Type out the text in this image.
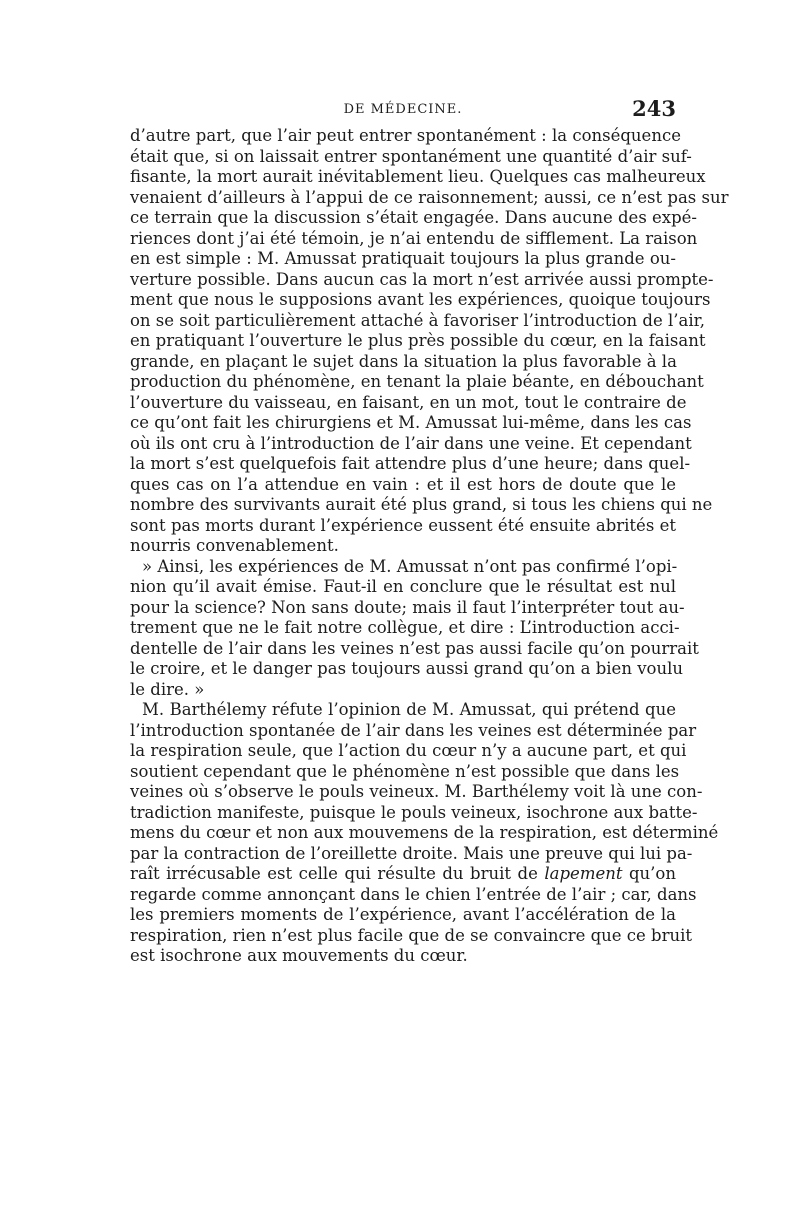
DE MÉDECINE.	243
d’autre part, que l’air peut entrer spontanément : la conséquence
était que, si on laissait entrer spontanément une quantité d’air suf-
fisante, la mort aurait inévitablement lieu. Quelques cas malheureux
venaient d’ailleurs à l’appui de ce raisonnement; aussi, ce n’est pas sur
ce terrain que la discussion s’était engagée. Dans aucune des expé-
riences dont j’ai été témoin, je n’ai entendu de sifflement. La raison
en est simple : M. Amussat pratiquait toujours la plus grande ou-
verture possible. Dans aucun cas la mort n’est arrivée aussi prompte-
ment que nous le supposions avant les expériences, quoique toujours
on se soit particulièrement attaché à favoriser l’introduction de l’air,
en pratiquant l’ouverture le plus près possible du cœur, en la faisant
grande, en plaçant le sujet dans la situation la plus favorable à la
production du phénomène, en tenant la plaie béante, en débouchant
l’ouverture du vaisseau, en faisant, en un mot, tout le contraire de
ce qu’ont fait les chirurgiens et M. Amussat lui-même, dans les cas
où ils ont cru à l’introduction de l’air dans une veine. Et cependant
la mort s’est quelquefois fait attendre plus d’une heure; dans quel-
ques cas on l’a attendue en vain : et il est hors de doute que le
nombre des survivants aurait été plus grand, si tous les chiens qui ne
sont pas morts durant l’expérience eussent été ensuite abrités et
nourris convenablement.
» Ainsi, les expériences de M. Amussat n’ont pas confirmé l’opi-
nion qu’il avait émise. Faut-il en conclure que le résultat est nul
pour la science? Non sans doute; mais il faut l’interpréter tout au-
trement que ne le fait notre collègue, et dire : L’introduction acci-
dentelle de l’air dans les veines n’est pas aussi facile qu’on pourrait
le croire, et le danger pas toujours aussi grand qu’on a bien voulu
le dire. »
M. Barthélemy réfute l’opinion de M. Amussat, qui prétend que
l’introduction spontanée de l’air dans les veines est déterminée par
la respiration seule, que l’action du cœur n’y a aucune part, et qui
soutient cependant que le phénomène n’est possible que dans les
veines où s’observe le pouls veineux. M. Barthélemy voit là une con-
tradiction manifeste, puisque le pouls veineux, isochrone aux batte-
mens du cœur et non aux mouvemens de la respiration, est déterminé
par la contraction de l’oreillette droite. Mais une preuve qui lui pa-
raît irrécusable est celle qui résulte du bruit de lapement qu’on
regarde comme annonçant dans le chien l’entrée de l’air ; car, dans
les premiers moments de l’expérience, avant l’accélération de la
respiration, rien n’est plus facile que de se convaincre que ce bruit
est isochrone aux mouvements du cœur.
